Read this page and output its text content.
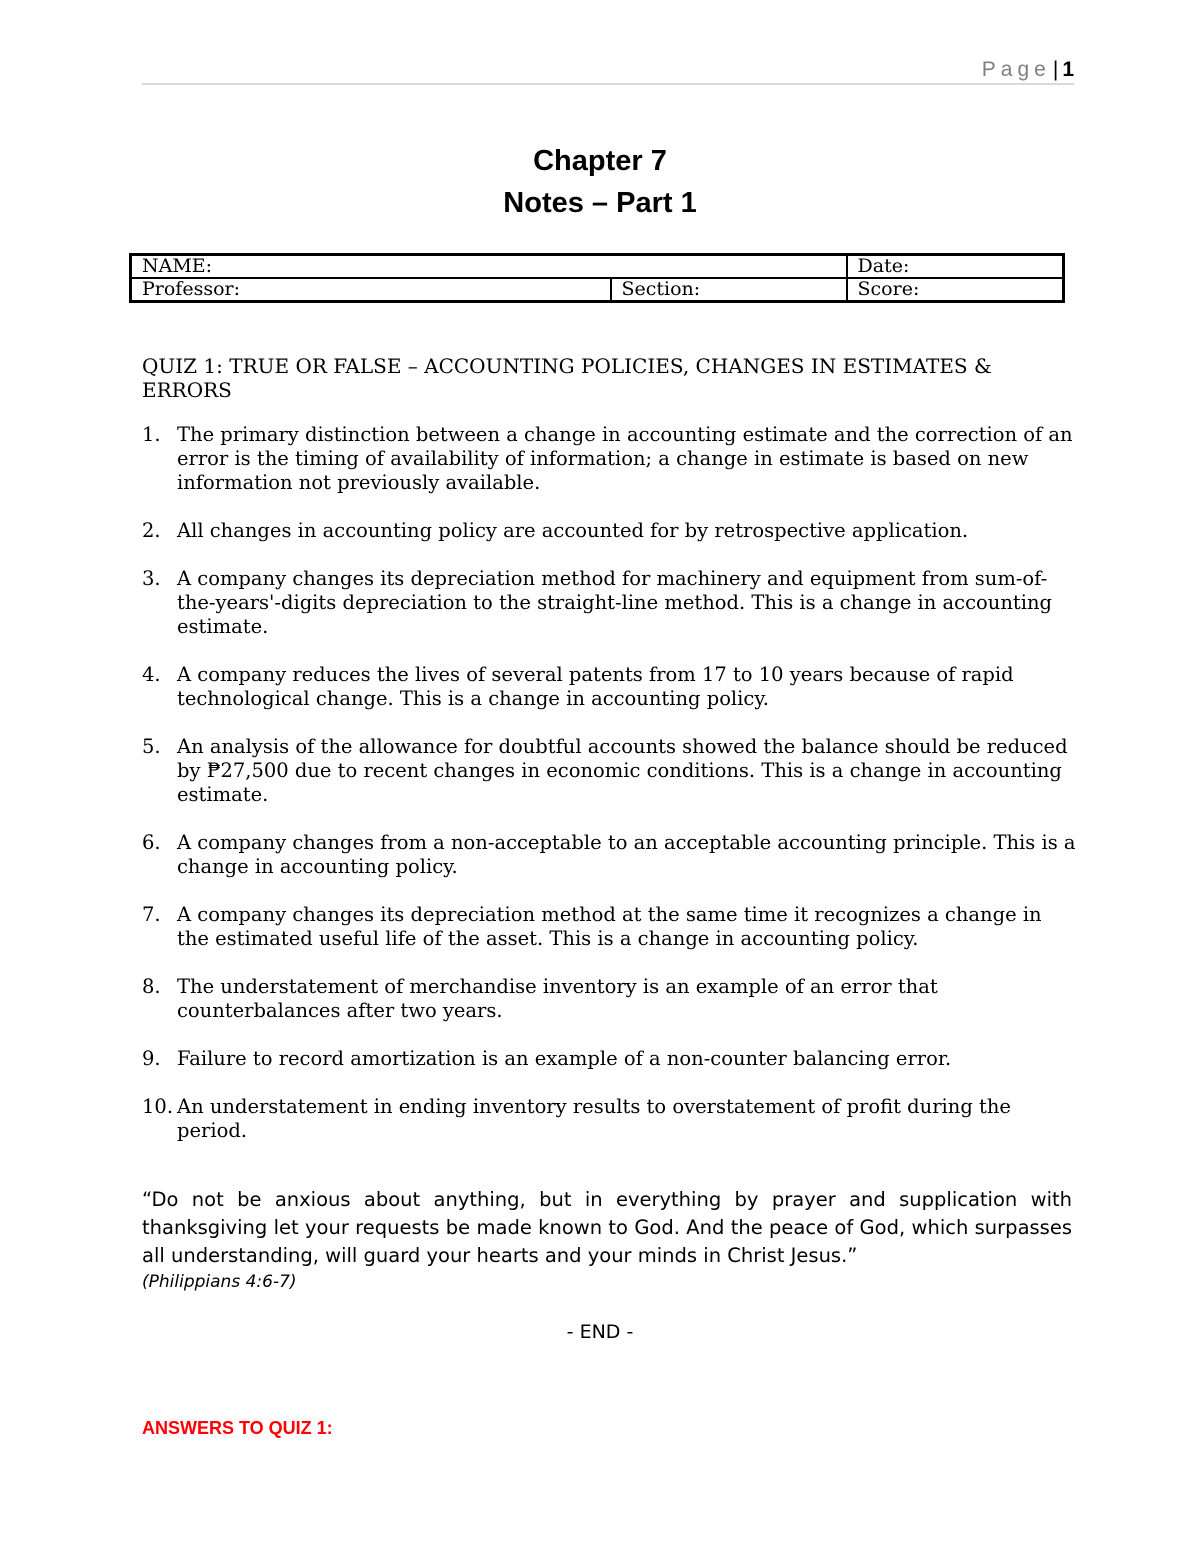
Page| 1
Chapter 7
Notes – Part 1
NAME:		Date:
Professor:	Section:	Score:
QUIZ 1: TRUE OR FALSE – ACCOUNTING POLICIES, CHANGES IN ESTIMATES & ERRORS
1. The primary distinction between a change in accounting estimate and the correction of an error is the timing of availability of information; a change in estimate is based on new information not previously available.
2. All changes in accounting policy are accounted for by retrospective application.
3. A company changes its depreciation method for machinery and equipment from sum-of-the-years'-digits depreciation to the straight-line method. This is a change in accounting estimate.
4. A company reduces the lives of several patents from 17 to 10 years because of rapid technological change. This is a change in accounting policy.
5. An analysis of the allowance for doubtful accounts showed the balance should be reduced by ₱27,500 due to recent changes in economic conditions. This is a change in accounting estimate.
6. A company changes from a non-acceptable to an acceptable accounting principle. This is a change in accounting policy.
7. A company changes its depreciation method at the same time it recognizes a change in the estimated useful life of the asset. This is a change in accounting policy.
8. The understatement of merchandise inventory is an example of an error that counterbalances after two years.
9. Failure to record amortization is an example of a non-counter balancing error.
10. An understatement in ending inventory results to overstatement of profit during the period.
“Do not be anxious about anything, but in everything by prayer and supplication with thanksgiving let your requests be made known to God. And the peace of God, which surpasses all understanding, will guard your hearts and your minds in Christ Jesus.”
(Philippians 4:6-7)
- END -
ANSWERS TO QUIZ 1:
